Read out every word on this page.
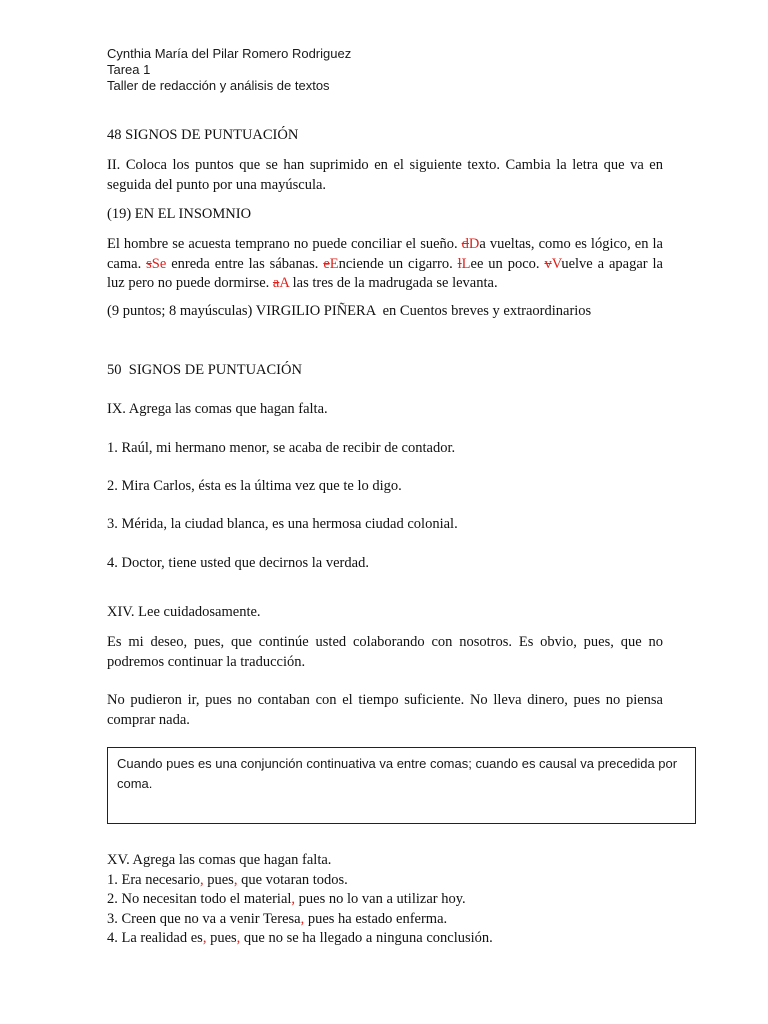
Cynthia María del Pilar Romero Rodriguez
Tarea 1
Taller de redacción y análisis de textos
48 SIGNOS DE PUNTUACIÓN
II. Coloca los puntos que se han suprimido en el siguiente texto. Cambia la letra que va en seguida del punto por una mayúscula.
(19) EN EL INSOMNIO
El hombre se acuesta temprano no puede conciliar el sueño. dDa vueltas, como es lógico, en la cama. sSe enreda entre las sábanas. eEnciende un cigarro. lLee un poco. vVuelve a apagar la luz pero no puede dormirse. aA las tres de la madrugada se levanta.
(9 puntos; 8 mayúsculas) VIRGILIO PIÑERA  en Cuentos breves y extraordinarios
50  SIGNOS DE PUNTUACIÓN
IX. Agrega las comas que hagan falta.
1. Raúl, mi hermano menor, se acaba de recibir de contador.
2. Mira Carlos, ésta es la última vez que te lo digo.
3. Mérida, la ciudad blanca, es una hermosa ciudad colonial.
4. Doctor, tiene usted que decirnos la verdad.
XIV. Lee cuidadosamente.
Es mi deseo, pues, que continúe usted colaborando con nosotros. Es obvio, pues, que no podremos continuar la traducción.
No pudieron ir, pues no contaban con el tiempo suficiente. No lleva dinero, pues no piensa comprar nada.
Cuando pues es una conjunción continuativa va entre comas; cuando es causal va precedida por coma.
XV. Agrega las comas que hagan falta.
1. Era necesario, pues, que votaran todos.
2. No necesitan todo el material, pues no lo van a utilizar hoy.
3. Creen que no va a venir Teresa, pues ha estado enferma.
4. La realidad es, pues, que no se ha llegado a ninguna conclusión.
